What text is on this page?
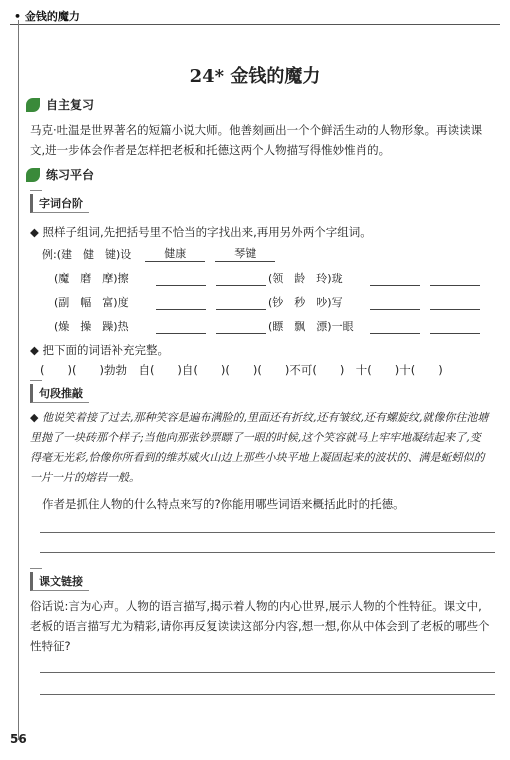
• 金钱的魔力
24* 金钱的魔力
自主复习
马克·吐温是世界著名的短篇小说大师。他善刻画出一个个鲜活生动的人物形象。再读读课文,进一步体会作者是怎样把老板和托德这两个人物描写得惟妙惟肖的。
练习平台
字词台阶
◆ 照样子组词,先把括号里不恰当的字找出来,再用另外两个字组词。
例:(建　健　键)设	健康	琴键
(魔　磨　摩)擦	(领　龄　玲)珑
(副　幅　富)度	(钞　秒　吵)写
(燥　操　躁)热	(瞟　飘　漂)一眼
◆ 把下面的词语补充完整。
(　　)(　　)勃勃　自(　　)自(　　)(　　)(　　)不可(　　)　十(　　)十(　　)
句段推敲
◆ 他说笑着接了过去,那种笑容是遍布满脸的,里面还有折纹,还有皱纹,还有螺旋纹,就像你往池塘里抛了一块砖那个样子;当他向那张钞票瞟了一眼的时候,这个笑容就马上牢牢地凝结起来了,变得毫无光彩,恰像你所看到的维苏威火山边上那些小块平地上凝固起来的波状的、满是蚯蚓似的一片一片的熔岩一般。
作者是抓住人物的什么特点来写的?你能用哪些词语来概括此时的托德。
课文链接
俗话说:言为心声。人物的语言描写,揭示着人物的内心世界,展示人物的个性特征。课文中,老板的语言描写尤为精彩,请你再反复读读这部分内容,想一想,你从中体会到了老板的哪些个性特征?
56
